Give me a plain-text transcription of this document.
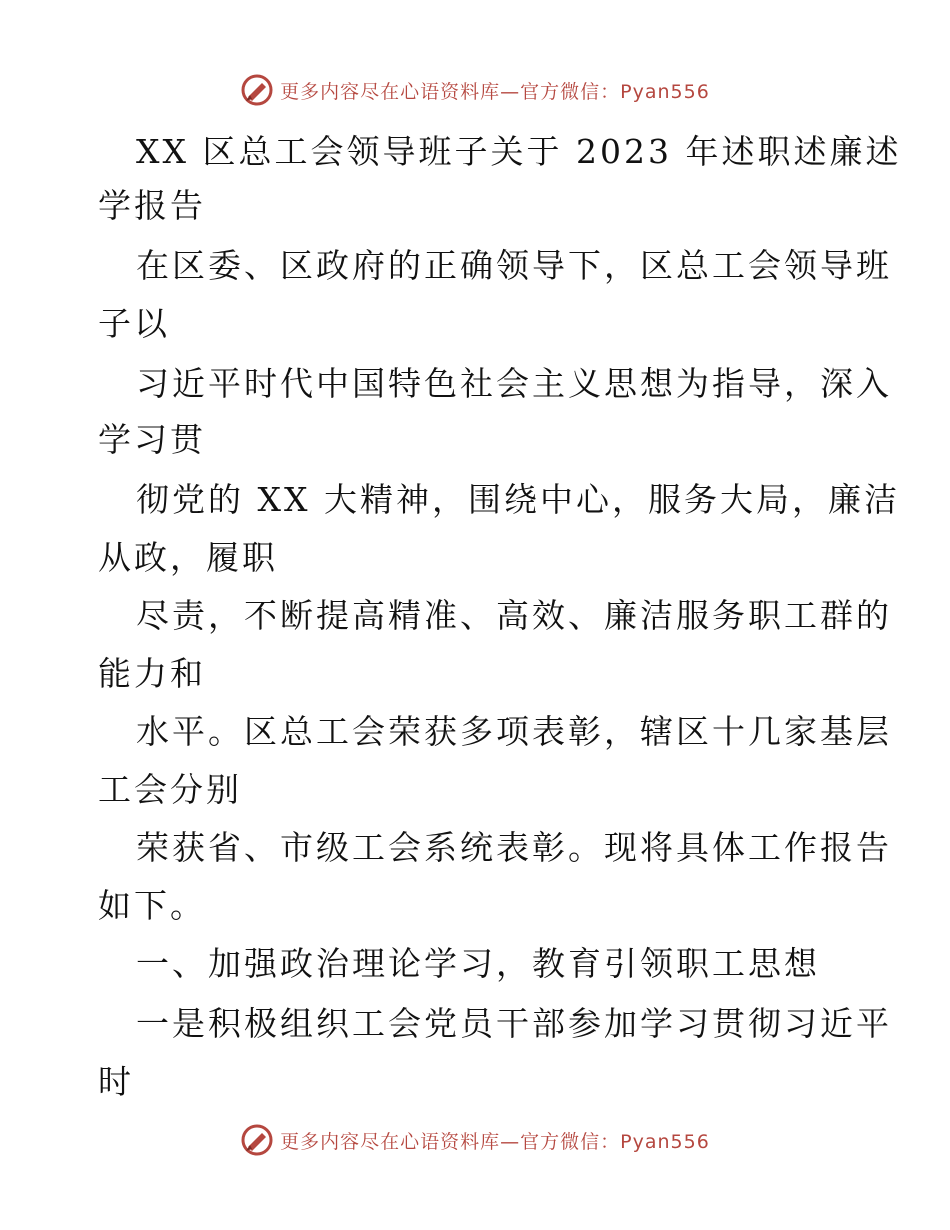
更多内容尽在心语资料库—官方微信：Pyan556
XX 区总工会领导班子关于 2023 年述职述廉述
学报告
在区委、区政府的正确领导下，区总工会领导班
子以
习近平时代中国特色社会主义思想为指导，深入
学习贯
彻党的 XX 大精神，围绕中心，服务大局，廉洁
从政，履职
尽责，不断提高精准、高效、廉洁服务职工群的
能力和
水平。区总工会荣获多项表彰，辖区十几家基层
工会分别
荣获省、市级工会系统表彰。现将具体工作报告
如下。
一、加强政治理论学习，教育引领职工思想
一是积极组织工会党员干部参加学习贯彻习近平
时
更多内容尽在心语资料库—官方微信：Pyan556
